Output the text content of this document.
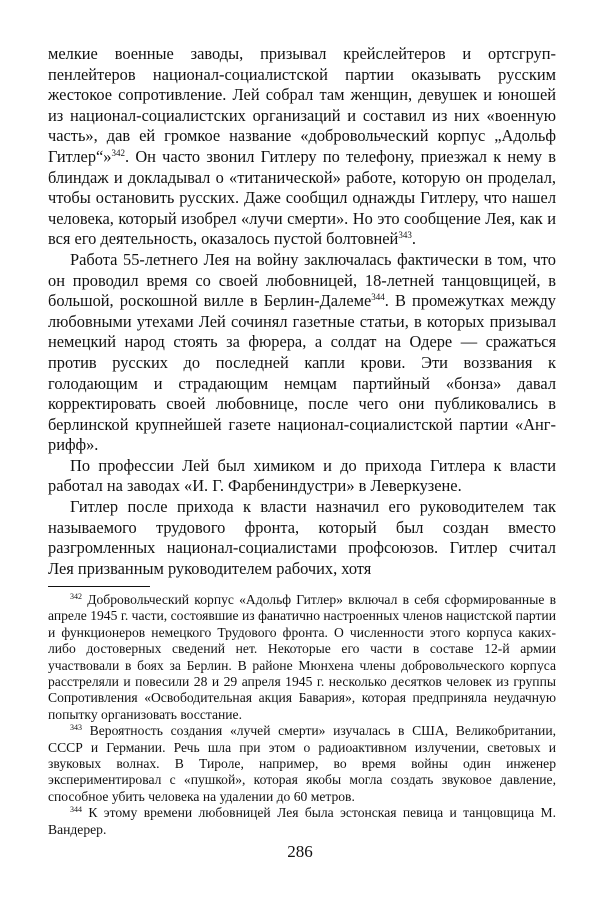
мелкие военные заводы, призывал крейслейтеров и ортсгруппенлейтеров национал-социалистской партии оказывать русским жестокое сопротивление. Лей собрал там женщин, девушек и юношей из национал-социалистских организаций и составил из них «военную часть», дав ей громкое название «добровольческий корпус „Адольф Гитлер“»$^{342}$. Он часто звонил Гитлеру по телефону, приезжал к нему в блиндаж и докладывал о «титанической» работе, которую он проделал, чтобы остановить русских. Даже сообщил однажды Гитлеру, что нашел человека, который изобрел «лучи смерти». Но это сообщение Лея, как и вся его деятельность, оказалось пустой болтовней$^{343}$.

Работа 55-летнего Лея на войну заключалась фактически в том, что он проводил время со своей любовницей, 18-летней танцовщицей, в большой, роскошной вилле в Берлин-Далеме$^{344}$. В промежутках между любовными утехами Лей сочинял газетные статьи, в которых призывал немецкий народ стоять за фюрера, а солдат на Одере — сражаться против русских до последней капли крови. Эти воззвания к голодающим и страдающим немцам партийный «бонза» давал корректировать своей любовнице, после чего они публиковались в берлинской крупнейшей газете национал-социалистской партии «Ангрифф».

По профессии Лей был химиком и до прихода Гитлера к власти работал на заводах «И. Г. Фарбениндустри» в Леверкузене.

Гитлер после прихода к власти назначил его руководителем так называемого трудового фронта, который был создан вместо разгромленных национал-социалистами профсоюзов. Гитлер считал Лея призванным руководителем рабочих, хотя

$^{342}$ Добровольческий корпус «Адольф Гитлер» включал в себя сформированные в апреле 1945 г. части, состоявшие из фанатично настроенных членов нацистской партии и функционеров немецкого Трудового фронта. О численности этого корпуса каких-либо достоверных сведений нет. Некоторые его части в составе 12-й армии участвовали в боях за Берлин. В районе Мюнхена члены добровольческого корпуса расстреляли и повесили 28 и 29 апреля 1945 г. несколько десятков человек из группы Сопротивления «Освободительная акция Бавария», которая предприняла неудачную попытку организовать восстание.

$^{343}$ Вероятность создания «лучей смерти» изучалась в США, Великобритании, СССР и Германии. Речь шла при этом о радиоактивном излучении, световых и звуковых волнах. В Тироле, например, во время войны один инженер экспериментировал с «пушкой», которая якобы могла создать звуковое давление, способное убить человека на удалении до 60 метров.

$^{344}$ К этому времени любовницей Лея была эстонская певица и танцовщица М. Вандерер.

286
